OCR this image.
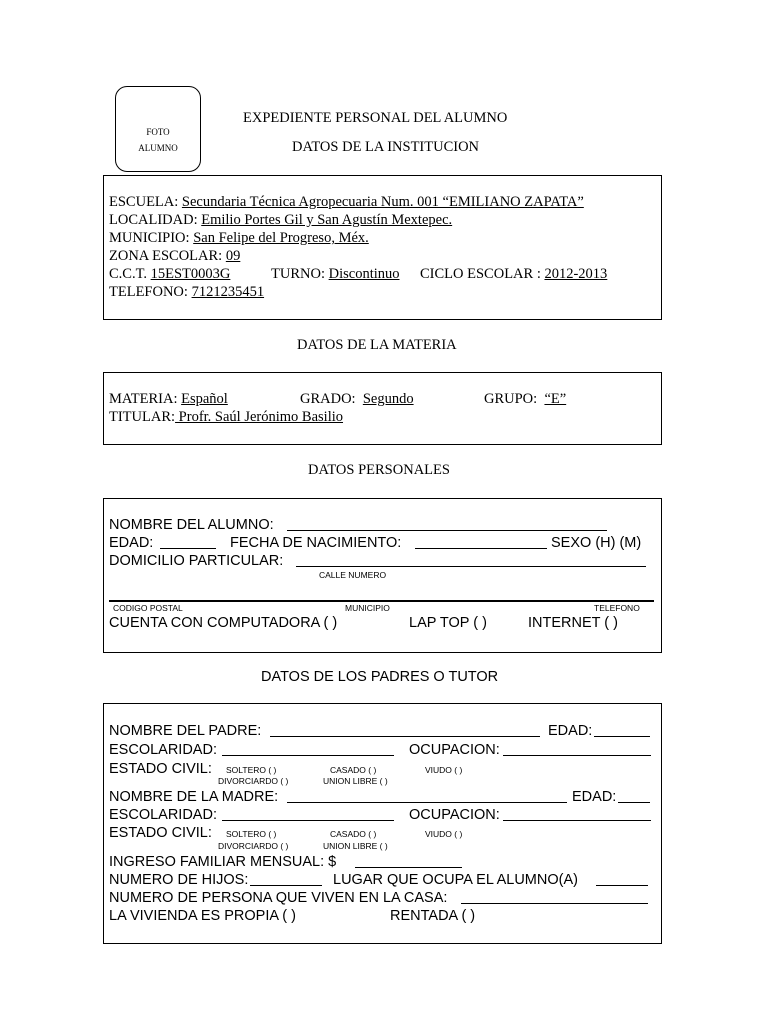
FOTO
ALUMNO
EXPEDIENTE PERSONAL DEL ALUMNO
DATOS DE LA INSTITUCION
ESCUELA: Secundaria Técnica Agropecuaria Num. 001 “EMILIANO ZAPATA”
LOCALIDAD: Emilio Portes Gil y San Agustín Mextepec.
MUNICIPIO: San Felipe del Progreso, Méx.
ZONA ESCOLAR: 09
C.C.T. 15EST0003G	TURNO: Discontinuo CICLO ESCOLAR : 2012-2013
TELEFONO: 7121235451
DATOS DE LA MATERIA
MATERIA: Español	GRADO: Segundo	GRUPO: “E”
TITULAR: Profr. Saúl Jerónimo Basilio
DATOS PERSONALES
NOMBRE DEL ALUMNO:
EDAD:	FECHA DE NACIMIENTO:	SEXO (H) (M)
DOMICILIO PARTICULAR:
CALLE NUMERO
CODIGO POSTAL	MUNICIPIO	TELEFONO
CUENTA CON COMPUTADORA ( )	LAP TOP ( )	INTERNET ( )
DATOS DE LOS PADRES O TUTOR
NOMBRE DEL PADRE:	EDAD:
ESCOLARIDAD:	OCUPACION:
ESTADO CIVIL: SOLTERO ( )	CASADO ( )	VIUDO ( )
DIVORCIARDO ( )	UNION LIBRE ( )
NOMBRE DE LA MADRE:	EDAD:
ESCOLARIDAD:	OCUPACION:
ESTADO CIVIL: SOLTERO ( )	CASADO ( )	VIUDO ( )
DIVORCIARDO ( )	UNION LIBRE ( )
INGRESO FAMILIAR MENSUAL: $
NUMERO DE HIJOS:	LUGAR QUE OCUPA EL ALUMNO(A)
NUMERO DE PERSONA QUE VIVEN EN LA CASA:
LA VIVIENDA ES PROPIA ( )	RENTADA ( )
